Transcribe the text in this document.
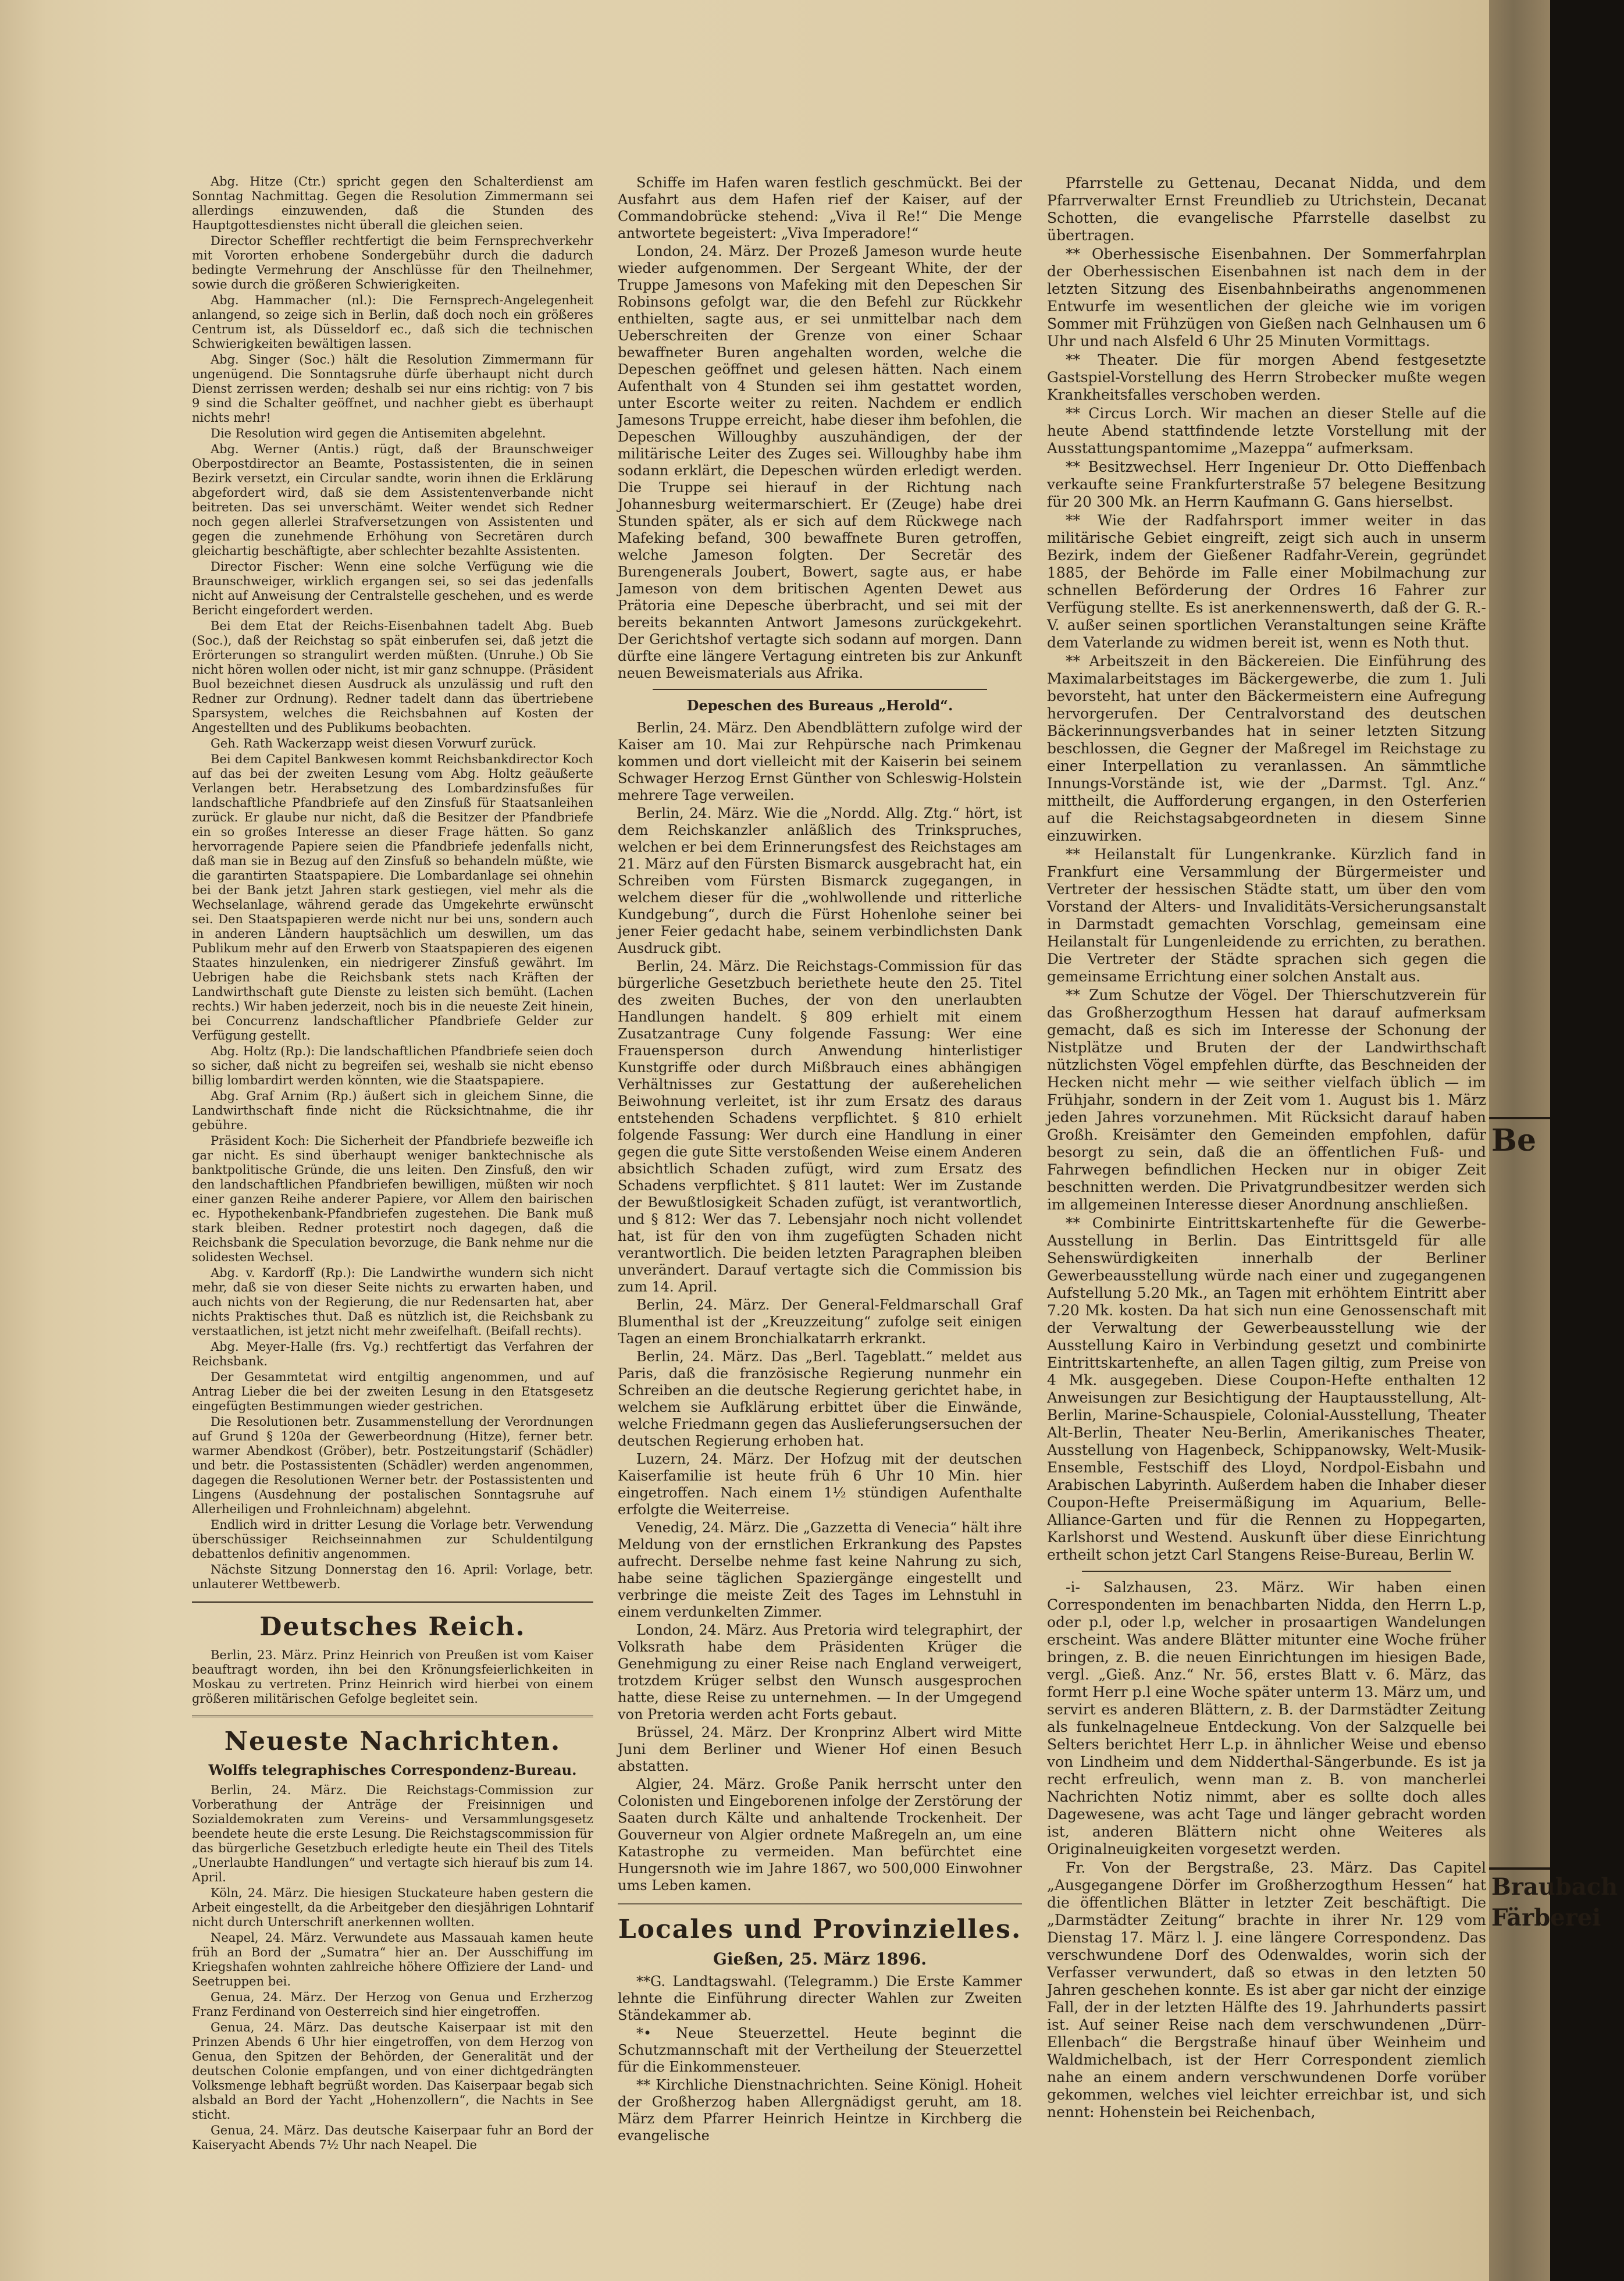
Abg. Hitze (Ctr.) spricht gegen den Schalterdienst am Sonntag Nachmittag. Gegen die Resolution Zimmermann sei allerdings einzuwenden, daß die Stunden des Hauptgottesdienstes nicht überall die gleichen seien.

Director Scheffler rechtfertigt die beim Fernsprechverkehr mit Vororten erhobene Sondergebühr durch die dadurch bedingte Vermehrung der Anschlüsse für den Theilnehmer, sowie durch die größeren Schwierigkeiten.

Abg. Hammacher (nl.): Die Fernsprech-Angelegenheit anlangend, so zeige sich in Berlin, daß doch noch ein größeres Centrum ist, als Düsseldorf ec., daß sich die technischen Schwierigkeiten bewältigen lassen.

Abg. Singer (Soc.) hält die Resolution Zimmermann für ungenügend. Die Sonntagsruhe dürfe überhaupt nicht durch Dienst zerrissen werden; deshalb sei nur eins richtig: von 7 bis 9 sind die Schalter geöffnet, und nachher giebt es überhaupt nichts mehr!

Die Resolution wird gegen die Antisemiten abgelehnt.

Abg. Werner (Antis.) rügt, daß der Braunschweiger Oberpostdirector an Beamte, Postassistenten, die in seinen Bezirk versetzt, ein Circular sandte, worin ihnen die Erklärung abgefordert wird, daß sie dem Assistentenverbande nicht beitreten. Das sei unverschämt. Weiter wendet sich Redner noch gegen allerlei Strafversetzungen von Assistenten und gegen die zunehmende Erhöhung von Secretären durch gleichartig beschäftigte, aber schlechter bezahlte Assistenten.

Director Fischer: Wenn eine solche Verfügung wie die Braunschweiger, wirklich ergangen sei, so sei das jedenfalls nicht auf Anweisung der Centralstelle geschehen, und es werde Bericht eingefordert werden.

Bei dem Etat der Reichs-Eisenbahnen tadelt Abg. Bueb (Soc.), daß der Reichstag so spät einberufen sei, daß jetzt die Erörterungen so strangulirt werden müßten. (Unruhe.) Ob Sie nicht hören wollen oder nicht, ist mir ganz schnuppe. (Präsident Buol bezeichnet diesen Ausdruck als unzulässig und ruft den Redner zur Ordnung). Redner tadelt dann das übertriebene Sparsystem, welches die Reichsbahnen auf Kosten der Angestellten und des Publikums beobachten.

Geh. Rath Wackerzapp weist diesen Vorwurf zurück.

Bei dem Capitel Bankwesen kommt Reichsbankdirector Koch auf das bei der zweiten Lesung vom Abg. Holtz geäußerte Verlangen betr. Herabsetzung des Lombardzinsfußes für landschaftliche Pfandbriefe auf den Zinsfuß für Staatsanleihen zurück. Er glaube nur nicht, daß die Besitzer der Pfandbriefe ein so großes Interesse an dieser Frage hätten. So ganz hervorragende Papiere seien die Pfandbriefe jedenfalls nicht, daß man sie in Bezug auf den Zinsfuß so behandeln müßte, wie die garantirten Staatspapiere. Die Lombardanlage sei ohnehin bei der Bank jetzt Jahren stark gestiegen, viel mehr als die Wechselanlage, während gerade das Umgekehrte erwünscht sei. Den Staatspapieren werde nicht nur bei uns, sondern auch in anderen Ländern hauptsächlich um deswillen, um das Publikum mehr auf den Erwerb von Staatspapieren des eigenen Staates hinzulenken, ein niedrigerer Zinsfuß gewährt. Im Uebrigen habe die Reichsbank stets nach Kräften der Landwirthschaft gute Dienste zu leisten sich bemüht. (Lachen rechts.) Wir haben jederzeit, noch bis in die neueste Zeit hinein, bei Concurrenz landschaftlicher Pfandbriefe Gelder zur Verfügung gestellt.

Abg. Holtz (Rp.): Die landschaftlichen Pfandbriefe seien doch so sicher, daß nicht zu begreifen sei, weshalb sie nicht ebenso billig lombardirt werden könnten, wie die Staatspapiere.

Abg. Graf Arnim (Rp.) äußert sich in gleichem Sinne, die Landwirthschaft finde nicht die Rücksichtnahme, die ihr gebühre.

Präsident Koch: Die Sicherheit der Pfandbriefe bezweifle ich gar nicht. Es sind überhaupt weniger banktechnische als banktpolitische Gründe, die uns leiten. Den Zinsfuß, den wir den landschaftlichen Pfandbriefen bewilligen, müßten wir noch einer ganzen Reihe anderer Papiere, vor Allem den bairischen ec. Hypothekenbank-Pfandbriefen zugestehen. Die Bank muß stark bleiben. Redner protestirt noch dagegen, daß die Reichsbank die Speculation bevorzuge, die Bank nehme nur die solidesten Wechsel.

Abg. v. Kardorff (Rp.): Die Landwirthe wundern sich nicht mehr, daß sie von dieser Seite nichts zu erwarten haben, und auch nichts von der Regierung, die nur Redensarten hat, aber nichts Praktisches thut. Daß es nützlich ist, die Reichsbank zu verstaatlichen, ist jetzt nicht mehr zweifelhaft. (Beifall rechts).

Abg. Meyer-Halle (frs. Vg.) rechtfertigt das Verfahren der Reichsbank.

Der Gesammtetat wird entgiltig angenommen, und auf Antrag Lieber die bei der zweiten Lesung in den Etatsgesetz eingefügten Bestimmungen wieder gestrichen.

Die Resolutionen betr. Zusammenstellung der Verordnungen auf Grund § 120a der Gewerbeordnung (Hitze), ferner betr. warmer Abendkost (Gröber), betr. Postzeitungstarif (Schädler) und betr. die Postassistenten (Schädler) werden angenommen, dagegen die Resolutionen Werner betr. der Postassistenten und Lingens (Ausdehnung der postalischen Sonntagsruhe auf Allerheiligen und Frohnleichnam) abgelehnt.

Endlich wird in dritter Lesung die Vorlage betr. Verwendung überschüssiger Reichseinnahmen zur Schuldentilgung debattenlos definitiv angenommen.

Nächste Sitzung Donnerstag den 16. April: Vorlage, betr. unlauterer Wettbewerb.

Deutsches Reich.

Berlin, 23. März. Prinz Heinrich von Preußen ist vom Kaiser beauftragt worden, ihn bei den Krönungsfeierlichkeiten in Moskau zu vertreten. Prinz Heinrich wird hierbei von einem größeren militärischen Gefolge begleitet sein.

Neueste Nachrichten.
Wolffs telegraphisches Correspondenz-Bureau.

Berlin, 24. März. Die Reichstags-Commission zur Vorberathung der Anträge der Freisinnigen und Sozialdemokraten zum Vereins- und Versammlungsgesetz beendete heute die erste Lesung. Die Reichstagscommission für das bürgerliche Gesetzbuch erledigte heute ein Theil des Titels „Unerlaubte Handlungen“ und vertagte sich hierauf bis zum 14. April.

Köln, 24. März. Die hiesigen Stuckateure haben gestern die Arbeit eingestellt, da die Arbeitgeber den diesjährigen Lohntarif nicht durch Unterschrift anerkennen wollten.

Neapel, 24. März. Verwundete aus Massauah kamen heute früh an Bord der „Sumatra“ hier an. Der Ausschiffung im Kriegshafen wohnten zahlreiche höhere Offiziere der Land- und Seetruppen bei.

Genua, 24. März. Der Herzog von Genua und Erzherzog Franz Ferdinand von Oesterreich sind hier eingetroffen.

Genua, 24. März. Das deutsche Kaiserpaar ist mit den Prinzen Abends 6 Uhr hier eingetroffen, von dem Herzog von Genua, den Spitzen der Behörden, der Generalität und der deutschen Colonie empfangen, und von einer dichtgedrängten Volksmenge lebhaft begrüßt worden. Das Kaiserpaar begab sich alsbald an Bord der Yacht „Hohenzollern“, die Nachts in See sticht.

Genua, 24. März. Das deutsche Kaiserpaar fuhr an Bord der Kaiseryacht Abends 7½ Uhr nach Neapel. Die

Schiffe im Hafen waren festlich geschmückt. Bei der Ausfahrt aus dem Hafen rief der Kaiser, auf der Commandobrücke stehend: „Viva il Re!“ Die Menge antwortete begeistert: „Viva Imperadore!“

London, 24. März. Der Prozeß Jameson wurde heute wieder aufgenommen. Der Sergeant White, der der Truppe Jamesons von Mafeking mit den Depeschen Sir Robinsons gefolgt war, die den Befehl zur Rückkehr enthielten, sagte aus, er sei unmittelbar nach dem Ueberschreiten der Grenze von einer Schaar bewaffneter Buren angehalten worden, welche die Depeschen geöffnet und gelesen hätten. Nach einem Aufenthalt von 4 Stunden sei ihm gestattet worden, unter Escorte weiter zu reiten. Nachdem er endlich Jamesons Truppe erreicht, habe dieser ihm befohlen, die Depeschen Willoughby auszuhändigen, der der militärische Leiter des Zuges sei. Willoughby habe ihm sodann erklärt, die Depeschen würden erledigt werden. Die Truppe sei hierauf in der Richtung nach Johannesburg weitermarschiert. Er (Zeuge) habe drei Stunden später, als er sich auf dem Rückwege nach Mafeking befand, 300 bewaffnete Buren getroffen, welche Jameson folgten. Der Secretär des Burengenerals Joubert, Bowert, sagte aus, er habe Jameson von dem britischen Agenten Dewet aus Prätoria eine Depesche überbracht, und sei mit der bereits bekannten Antwort Jamesons zurückgekehrt. Der Gerichtshof vertagte sich sodann auf morgen. Dann dürfte eine längere Vertagung eintreten bis zur Ankunft neuen Beweismaterials aus Afrika.

Depeschen des Bureaus „Herold“.

Berlin, 24. März. Den Abendblättern zufolge wird der Kaiser am 10. Mai zur Rehpürsche nach Primkenau kommen und dort vielleicht mit der Kaiserin bei seinem Schwager Herzog Ernst Günther von Schleswig-Holstein mehrere Tage verweilen.

Berlin, 24. März. Wie die „Nordd. Allg. Ztg.“ hört, ist dem Reichskanzler anläßlich des Trinkspruches, welchen er bei dem Erinnerungsfest des Reichstages am 21. März auf den Fürsten Bismarck ausgebracht hat, ein Schreiben vom Fürsten Bismarck zugegangen, in welchem dieser für die „wohlwollende und ritterliche Kundgebung“, durch die Fürst Hohenlohe seiner bei jener Feier gedacht habe, seinem verbindlichsten Dank Ausdruck gibt.

Berlin, 24. März. Die Reichstags-Commission für das bürgerliche Gesetzbuch beriethete heute den 25. Titel des zweiten Buches, der von den unerlaubten Handlungen handelt. § 809 erhielt mit einem Zusatzantrage Cuny folgende Fassung: Wer eine Frauensperson durch Anwendung hinterlistiger Kunstgriffe oder durch Mißbrauch eines abhängigen Verhältnisses zur Gestattung der außerehelichen Beiwohnung verleitet, ist ihr zum Ersatz des daraus entstehenden Schadens verpflichtet. § 810 erhielt folgende Fassung: Wer durch eine Handlung in einer gegen die gute Sitte verstoßenden Weise einem Anderen absichtlich Schaden zufügt, wird zum Ersatz des Schadens verpflichtet. § 811 lautet: Wer im Zustande der Bewußtlosigkeit Schaden zufügt, ist verantwortlich, und § 812: Wer das 7. Lebensjahr noch nicht vollendet hat, ist für den von ihm zugefügten Schaden nicht verantwortlich. Die beiden letzten Paragraphen bleiben unverändert. Darauf vertagte sich die Commission bis zum 14. April.

Berlin, 24. März. Der General-Feldmarschall Graf Blumenthal ist der „Kreuzzeitung“ zufolge seit einigen Tagen an einem Bronchialkatarrh erkrankt.

Berlin, 24. März. Das „Berl. Tageblatt.“ meldet aus Paris, daß die französische Regierung nunmehr ein Schreiben an die deutsche Regierung gerichtet habe, in welchem sie Aufklärung erbittet über die Einwände, welche Friedmann gegen das Auslieferungsersuchen der deutschen Regierung erhoben hat.

Luzern, 24. März. Der Hofzug mit der deutschen Kaiserfamilie ist heute früh 6 Uhr 10 Min. hier eingetroffen. Nach einem 1½ stündigen Aufenthalte erfolgte die Weiterreise.

Venedig, 24. März. Die „Gazzetta di Venecia“ hält ihre Meldung von der ernstlichen Erkrankung des Papstes aufrecht. Derselbe nehme fast keine Nahrung zu sich, habe seine täglichen Spaziergänge eingestellt und verbringe die meiste Zeit des Tages im Lehnstuhl in einem verdunkelten Zimmer.

London, 24. März. Aus Pretoria wird telegraphirt, der Volksrath habe dem Präsidenten Krüger die Genehmigung zu einer Reise nach England verweigert, trotzdem Krüger selbst den Wunsch ausgesprochen hatte, diese Reise zu unternehmen. — In der Umgegend von Pretoria werden acht Forts gebaut.

Brüssel, 24. März. Der Kronprinz Albert wird Mitte Juni dem Berliner und Wiener Hof einen Besuch abstatten.

Algier, 24. März. Große Panik herrscht unter den Colonisten und Eingeborenen infolge der Zerstörung der Saaten durch Kälte und anhaltende Trockenheit. Der Gouverneur von Algier ordnete Maßregeln an, um eine Katastrophe zu vermeiden. Man befürchtet eine Hungersnoth wie im Jahre 1867, wo 500,000 Einwohner ums Leben kamen.

Locales und Provinzielles.
Gießen, 25. März 1896.

**G. Landtagswahl. (Telegramm.) Die Erste Kammer lehnte die Einführung directer Wahlen zur Zweiten Ständekammer ab.

*• Neue Steuerzettel. Heute beginnt die Schutzmannschaft mit der Vertheilung der Steuerzettel für die Einkommensteuer.

** Kirchliche Dienstnachrichten. Seine Königl. Hoheit der Großherzog haben Allergnädigst geruht, am 18. März dem Pfarrer Heinrich Heintze in Kirchberg die evangelische

Pfarrstelle zu Gettenau, Decanat Nidda, und dem Pfarrverwalter Ernst Freundlieb zu Utrichstein, Decanat Schotten, die evangelische Pfarrstelle daselbst zu übertragen.

** Oberhessische Eisenbahnen. Der Sommerfahrplan der Oberhessischen Eisenbahnen ist nach dem in der letzten Sitzung des Eisenbahnbeiraths angenommenen Entwurfe im wesentlichen der gleiche wie im vorigen Sommer mit Frühzügen von Gießen nach Gelnhausen um 6 Uhr und nach Alsfeld 6 Uhr 25 Minuten Vormittags.

** Theater. Die für morgen Abend festgesetzte Gastspiel-Vorstellung des Herrn Strobecker mußte wegen Krankheitsfalles verschoben werden.

** Circus Lorch. Wir machen an dieser Stelle auf die heute Abend stattfindende letzte Vorstellung mit der Ausstattungspantomime „Mazeppa“ aufmerksam.

** Besitzwechsel. Herr Ingenieur Dr. Otto Dieffenbach verkaufte seine Frankfurterstraße 57 belegene Besitzung für 20 300 Mk. an Herrn Kaufmann G. Gans hierselbst.

** Wie der Radfahrsport immer weiter in das militärische Gebiet eingreift, zeigt sich auch in unserm Bezirk, indem der Gießener Radfahr-Verein, gegründet 1885, der Behörde im Falle einer Mobilmachung zur schnellen Beförderung der Ordres 16 Fahrer zur Verfügung stellte. Es ist anerkennenswerth, daß der G. R.-V. außer seinen sportlichen Veranstaltungen seine Kräfte dem Vaterlande zu widmen bereit ist, wenn es Noth thut.

** Arbeitszeit in den Bäckereien. Die Einführung des Maximalarbeitstages im Bäckergewerbe, die zum 1. Juli bevorsteht, hat unter den Bäckermeistern eine Aufregung hervorgerufen. Der Centralvorstand des deutschen Bäckerinnungsverbandes hat in seiner letzten Sitzung beschlossen, die Gegner der Maßregel im Reichstage zu einer Interpellation zu veranlassen. An sämmtliche Innungs-Vorstände ist, wie der „Darmst. Tgl. Anz.“ mittheilt, die Aufforderung ergangen, in den Osterferien auf die Reichstagsabgeordneten in diesem Sinne einzuwirken.

** Heilanstalt für Lungenkranke. Kürzlich fand in Frankfurt eine Versammlung der Bürgermeister und Vertreter der hessischen Städte statt, um über den vom Vorstand der Alters- und Invaliditäts-Versicherungsanstalt in Darmstadt gemachten Vorschlag, gemeinsam eine Heilanstalt für Lungenleidende zu errichten, zu berathen. Die Vertreter der Städte sprachen sich gegen die gemeinsame Errichtung einer solchen Anstalt aus.

** Zum Schutze der Vögel. Der Thierschutzverein für das Großherzogthum Hessen hat darauf aufmerksam gemacht, daß es sich im Interesse der Schonung der Nistplätze und Bruten der der Landwirthschaft nützlichsten Vögel empfehlen dürfte, das Beschneiden der Hecken nicht mehr — wie seither vielfach üblich — im Frühjahr, sondern in der Zeit vom 1. August bis 1. März jeden Jahres vorzunehmen. Mit Rücksicht darauf haben Großh. Kreisämter den Gemeinden empfohlen, dafür besorgt zu sein, daß die an öffentlichen Fuß- und Fahrwegen befindlichen Hecken nur in obiger Zeit beschnitten werden. Die Privatgrundbesitzer werden sich im allgemeinen Interesse dieser Anordnung anschließen.

** Combinirte Eintrittskartenhefte für die Gewerbe-Ausstellung in Berlin. Das Eintrittsgeld für alle Sehenswürdigkeiten innerhalb der Berliner Gewerbeausstellung würde nach einer und zugegangenen Aufstellung 5.20 Mk., an Tagen mit erhöhtem Eintritt aber 7.20 Mk. kosten. Da hat sich nun eine Genossenschaft mit der Verwaltung der Gewerbeausstellung wie der Ausstellung Kairo in Verbindung gesetzt und combinirte Eintrittskartenhefte, an allen Tagen giltig, zum Preise von 4 Mk. ausgegeben. Diese Coupon-Hefte enthalten 12 Anweisungen zur Besichtigung der Hauptausstellung, Alt-Berlin, Marine-Schauspiele, Colonial-Ausstellung, Theater Alt-Berlin, Theater Neu-Berlin, Amerikanisches Theater, Ausstellung von Hagenbeck, Schippanowsky, Welt-Musik-Ensemble, Festschiff des Lloyd, Nordpol-Eisbahn und Arabischen Labyrinth. Außerdem haben die Inhaber dieser Coupon-Hefte Preisermäßigung im Aquarium, Belle-Alliance-Garten und für die Rennen zu Hoppegarten, Karlshorst und Westend. Auskunft über diese Einrichtung ertheilt schon jetzt Carl Stangens Reise-Bureau, Berlin W.

-i- Salzhausen, 23. März. Wir haben einen Correspondenten im benachbarten Nidda, den Herrn L.p, oder p.l, oder l.p, welcher in prosaartigen Wandelungen erscheint. Was andere Blätter mitunter eine Woche früher bringen, z. B. die neuen Einrichtungen im hiesigen Bade, vergl. „Gieß. Anz.“ Nr. 56, erstes Blatt v. 6. März, das formt Herr p.l eine Woche später unterm 13. März um, und servirt es anderen Blättern, z. B. der Darmstädter Zeitung als funkelnagelneue Entdeckung. Von der Salzquelle bei Selters berichtet Herr L.p. in ähnlicher Weise und ebenso von Lindheim und dem Nidderthal-Sängerbunde. Es ist ja recht erfreulich, wenn man z. B. von mancherlei Nachrichten Notiz nimmt, aber es sollte doch alles Dagewesene, was acht Tage und länger gebracht worden ist, anderen Blättern nicht ohne Weiteres als Originalneuigkeiten vorgesetzt werden.

Fr. Von der Bergstraße, 23. März. Das Capitel „Ausgegangene Dörfer im Großherzogthum Hessen“ hat die öffentlichen Blätter in letzter Zeit beschäftigt. Die „Darmstädter Zeitung“ brachte in ihrer Nr. 129 vom Dienstag 17. März l. J. eine längere Correspondenz. Das verschwundene Dorf des Odenwaldes, worin sich der Verfasser verwundert, daß so etwas in den letzten 50 Jahren geschehen konnte. Es ist aber gar nicht der einzige Fall, der in der letzten Hälfte des 19. Jahrhunderts passirt ist. Auf seiner Reise nach dem verschwundenen „Dürr-Ellenbach“ die Bergstraße hinauf über Weinheim und Waldmichelbach, ist der Herr Correspondent ziemlich nahe an einem andern verschwundenen Dorfe vorüber gekommen, welches viel leichter erreichbar ist, und sich nennt: Hohenstein bei Reichenbach,

Be
Braubach
Färberei
